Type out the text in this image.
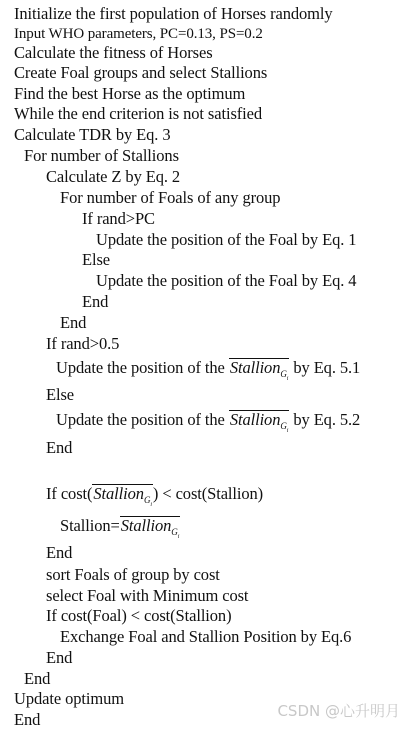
Initialize the first population of Horses randomly
Input WHO parameters, PC=0.13, PS=0.2
Calculate the fitness of Horses
Create Foal groups and select Stallions
Find the best Horse as the optimum
While the end criterion is not satisfied
Calculate TDR by Eq. 3
For number of Stallions
Calculate Z by Eq. 2
For number of Foals of any group
If rand>PC
Update the position of the Foal by Eq. 1
Else
Update the position of the Foal by Eq. 4
End
End
If rand>0.5
Update the position of the Stallion$_{G_i}$ by Eq. 5.1
Else
Update the position of the Stallion$_{G_i}$ by Eq. 5.2
End
If cost(Stallion$_{G_i}$) < cost(Stallion)
Stallion=Stallion$_{G_i}$
End
sort Foals of group by cost
select Foal with Minimum cost
If cost(Foal) < cost(Stallion)
Exchange Foal and Stallion Position by Eq.6
End
End
Update optimum
End	CSDN @心升明月
